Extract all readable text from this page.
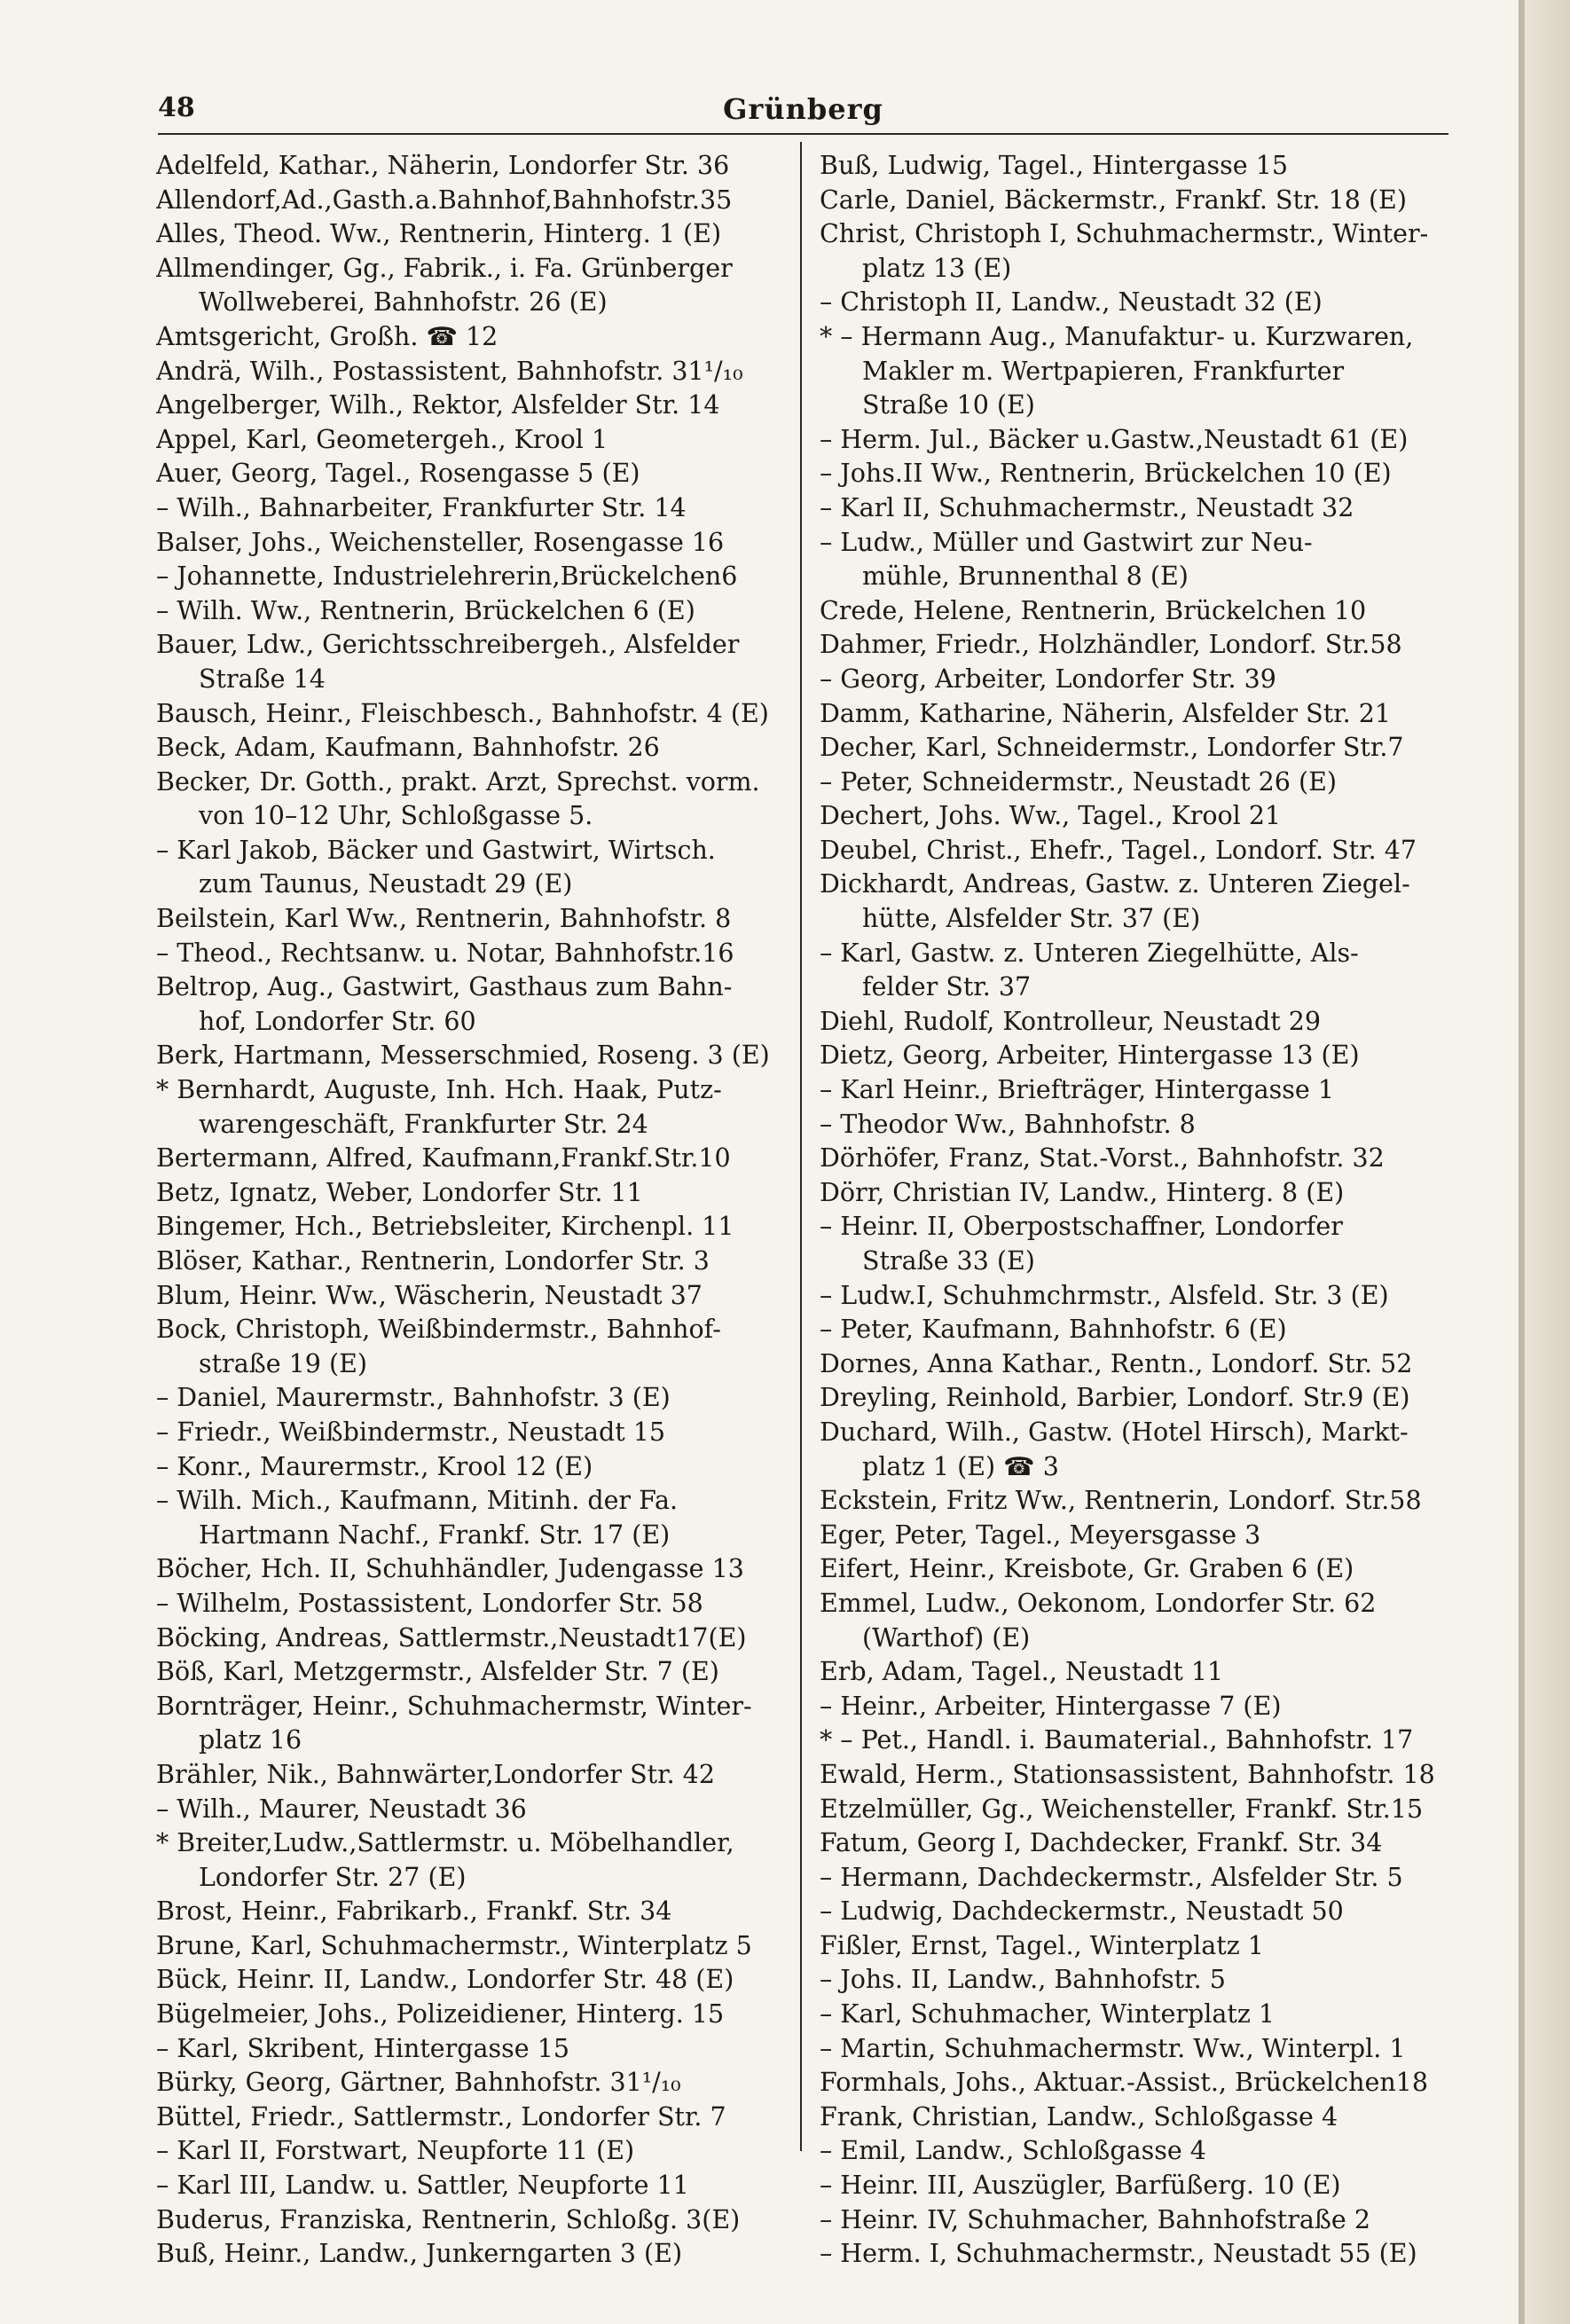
48	Grünberg
Adelfeld, Kathar., Näherin, Londorfer Str. 36
Allendorf,Ad.,Gasth.a.Bahnhof,Bahnhofstr.35
Alles, Theod. Ww., Rentnerin, Hinterg. 1 (E)
Allmendinger, Gg., Fabrik., i. Fa. Grünberger
Wollweberei, Bahnhofstr. 26 (E)
Amtsgericht, Großh. ☎ 12
Andrä, Wilh., Postassistent, Bahnhofstr. 31¹/₁₀
Angelberger, Wilh., Rektor, Alsfelder Str. 14
Appel, Karl, Geometergeh., Krool 1
Auer, Georg, Tagel., Rosengasse 5 (E)
– Wilh., Bahnarbeiter, Frankfurter Str. 14
Balser, Johs., Weichensteller, Rosengasse 16
– Johannette, Industrielehrerin,Brückelchen6
– Wilh. Ww., Rentnerin, Brückelchen 6 (E)
Bauer, Ldw., Gerichtsschreibergeh., Alsfelder
Straße 14
Bausch, Heinr., Fleischbesch., Bahnhofstr. 4 (E)
Beck, Adam, Kaufmann, Bahnhofstr. 26
Becker, Dr. Gotth., prakt. Arzt, Sprechst. vorm.
von 10–12 Uhr, Schloßgasse 5.
– Karl Jakob, Bäcker und Gastwirt, Wirtsch.
zum Taunus, Neustadt 29 (E)
Beilstein, Karl Ww., Rentnerin, Bahnhofstr. 8
– Theod., Rechtsanw. u. Notar, Bahnhofstr.16
Beltrop, Aug., Gastwirt, Gasthaus zum Bahn-
hof, Londorfer Str. 60
Berk, Hartmann, Messerschmied, Roseng. 3 (E)
* Bernhardt, Auguste, Inh. Hch. Haak, Putz-
warengeschäft, Frankfurter Str. 24
Bertermann, Alfred, Kaufmann,Frankf.Str.10
Betz, Ignatz, Weber, Londorfer Str. 11
Bingemer, Hch., Betriebsleiter, Kirchenpl. 11
Blöser, Kathar., Rentnerin, Londorfer Str. 3
Blum, Heinr. Ww., Wäscherin, Neustadt 37
Bock, Christoph, Weißbindermstr., Bahnhof-
straße 19 (E)
– Daniel, Maurermstr., Bahnhofstr. 3 (E)
– Friedr., Weißbindermstr., Neustadt 15
– Konr., Maurermstr., Krool 12 (E)
– Wilh. Mich., Kaufmann, Mitinh. der Fa.
Hartmann Nachf., Frankf. Str. 17 (E)
Böcher, Hch. II, Schuhhändler, Judengasse 13
– Wilhelm, Postassistent, Londorfer Str. 58
Böcking, Andreas, Sattlermstr.,Neustadt17(E)
Böß, Karl, Metzgermstr., Alsfelder Str. 7 (E)
Bornträger, Heinr., Schuhmachermstr, Winter-
platz 16
Brähler, Nik., Bahnwärter,Londorfer Str. 42
– Wilh., Maurer, Neustadt 36
* Breiter,Ludw.,Sattlermstr. u. Möbelhandler,
Londorfer Str. 27 (E)
Brost, Heinr., Fabrikarb., Frankf. Str. 34
Brune, Karl, Schuhmachermstr., Winterplatz 5
Bück, Heinr. II, Landw., Londorfer Str. 48 (E)
Bügelmeier, Johs., Polizeidiener, Hinterg. 15
– Karl, Skribent, Hintergasse 15
Bürky, Georg, Gärtner, Bahnhofstr. 31¹/₁₀
Büttel, Friedr., Sattlermstr., Londorfer Str. 7
– Karl II, Forstwart, Neupforte 11 (E)
– Karl III, Landw. u. Sattler, Neupforte 11
Buderus, Franziska, Rentnerin, Schloßg. 3(E)
Buß, Heinr., Landw., Junkerngarten 3 (E)
Buß, Ludwig, Tagel., Hintergasse 15
Carle, Daniel, Bäckermstr., Frankf. Str. 18 (E)
Christ, Christoph I, Schuhmachermstr., Winter-
platz 13 (E)
– Christoph II, Landw., Neustadt 32 (E)
* – Hermann Aug., Manufaktur- u. Kurzwaren,
Makler m. Wertpapieren, Frankfurter
Straße 10 (E)
– Herm. Jul., Bäcker u.Gastw.,Neustadt 61 (E)
– Johs.II Ww., Rentnerin, Brückelchen 10 (E)
– Karl II, Schuhmachermstr., Neustadt 32
– Ludw., Müller und Gastwirt zur Neu-
mühle, Brunnenthal 8 (E)
Crede, Helene, Rentnerin, Brückelchen 10
Dahmer, Friedr., Holzhändler, Londorf. Str.58
– Georg, Arbeiter, Londorfer Str. 39
Damm, Katharine, Näherin, Alsfelder Str. 21
Decher, Karl, Schneidermstr., Londorfer Str.7
– Peter, Schneidermstr., Neustadt 26 (E)
Dechert, Johs. Ww., Tagel., Krool 21
Deubel, Christ., Ehefr., Tagel., Londorf. Str. 47
Dickhardt, Andreas, Gastw. z. Unteren Ziegel-
hütte, Alsfelder Str. 37 (E)
– Karl, Gastw. z. Unteren Ziegelhütte, Als-
felder Str. 37
Diehl, Rudolf, Kontrolleur, Neustadt 29
Dietz, Georg, Arbeiter, Hintergasse 13 (E)
– Karl Heinr., Briefträger, Hintergasse 1
– Theodor Ww., Bahnhofstr. 8
Dörhöfer, Franz, Stat.-Vorst., Bahnhofstr. 32
Dörr, Christian IV, Landw., Hinterg. 8 (E)
– Heinr. II, Oberpostschaffner, Londorfer
Straße 33 (E)
– Ludw.I, Schuhmchrmstr., Alsfeld. Str. 3 (E)
– Peter, Kaufmann, Bahnhofstr. 6 (E)
Dornes, Anna Kathar., Rentn., Londorf. Str. 52
Dreyling, Reinhold, Barbier, Londorf. Str.9 (E)
Duchard, Wilh., Gastw. (Hotel Hirsch), Markt-
platz 1 (E) ☎ 3
Eckstein, Fritz Ww., Rentnerin, Londorf. Str.58
Eger, Peter, Tagel., Meyersgasse 3
Eifert, Heinr., Kreisbote, Gr. Graben 6 (E)
Emmel, Ludw., Oekonom, Londorfer Str. 62
(Warthof) (E)
Erb, Adam, Tagel., Neustadt 11
– Heinr., Arbeiter, Hintergasse 7 (E)
* – Pet., Handl. i. Baumaterial., Bahnhofstr. 17
Ewald, Herm., Stationsassistent, Bahnhofstr. 18
Etzelmüller, Gg., Weichensteller, Frankf. Str.15
Fatum, Georg I, Dachdecker, Frankf. Str. 34
– Hermann, Dachdeckermstr., Alsfelder Str. 5
– Ludwig, Dachdeckermstr., Neustadt 50
Fißler, Ernst, Tagel., Winterplatz 1
– Johs. II, Landw., Bahnhofstr. 5
– Karl, Schuhmacher, Winterplatz 1
– Martin, Schuhmachermstr. Ww., Winterpl. 1
Formhals, Johs., Aktuar.-Assist., Brückelchen18
Frank, Christian, Landw., Schloßgasse 4
– Emil, Landw., Schloßgasse 4
– Heinr. III, Auszügler, Barfüßerg. 10 (E)
– Heinr. IV, Schuhmacher, Bahnhofstraße 2
– Herm. I, Schuhmachermstr., Neustadt 55 (E)
